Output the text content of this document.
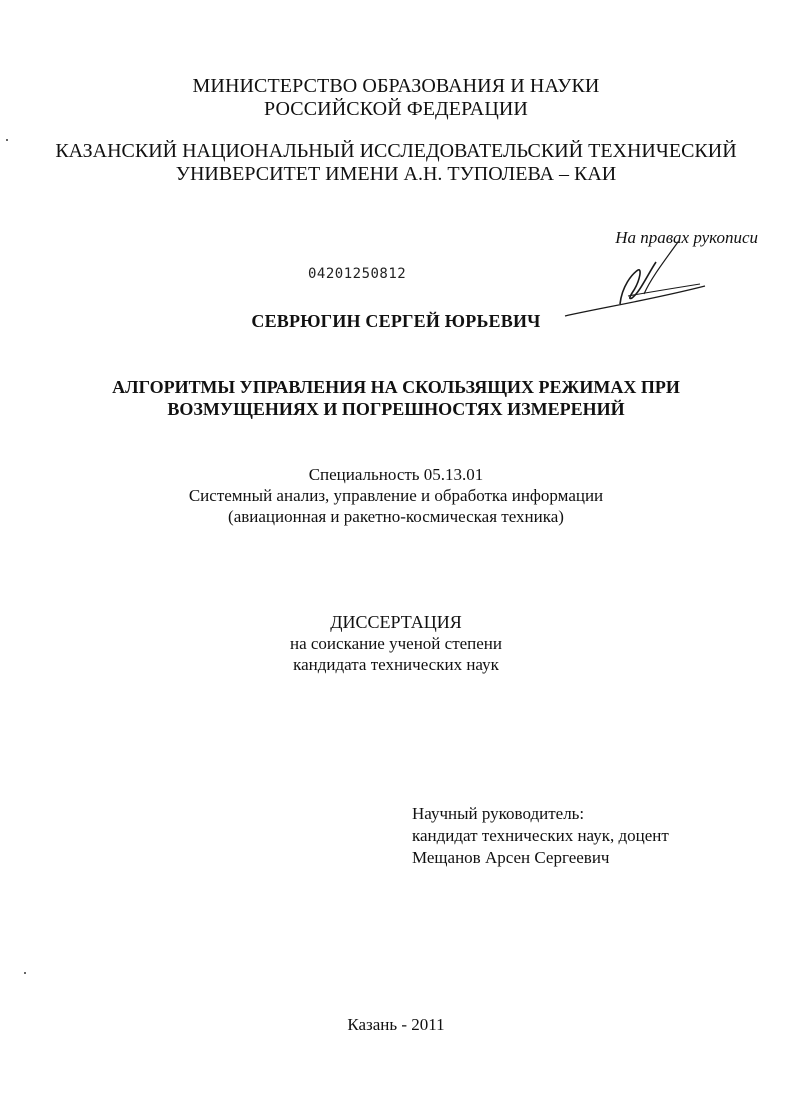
МИНИСТЕРСТВО ОБРАЗОВАНИЯ И НАУКИ
РОССИЙСКОЙ ФЕДЕРАЦИИ
КАЗАНСКИЙ НАЦИОНАЛЬНЫЙ ИССЛЕДОВАТЕЛЬСКИЙ ТЕХНИЧЕСКИЙ
УНИВЕРСИТЕТ ИМЕНИ А.Н. ТУПОЛЕВА – КАИ
На правах рукописи
04201250812
СЕВРЮГИН СЕРГЕЙ ЮРЬЕВИЧ
АЛГОРИТМЫ УПРАВЛЕНИЯ НА СКОЛЬЗЯЩИХ РЕЖИМАХ ПРИ
ВОЗМУЩЕНИЯХ И ПОГРЕШНОСТЯХ ИЗМЕРЕНИЙ
Специальность 05.13.01
Системный анализ, управление и обработка информации
(авиационная и ракетно-космическая техника)
ДИССЕРТАЦИЯ
на соискание ученой степени
кандидата технических наук
Научный руководитель:
кандидат технических наук, доцент
Мещанов Арсен Сергеевич
Казань - 2011
